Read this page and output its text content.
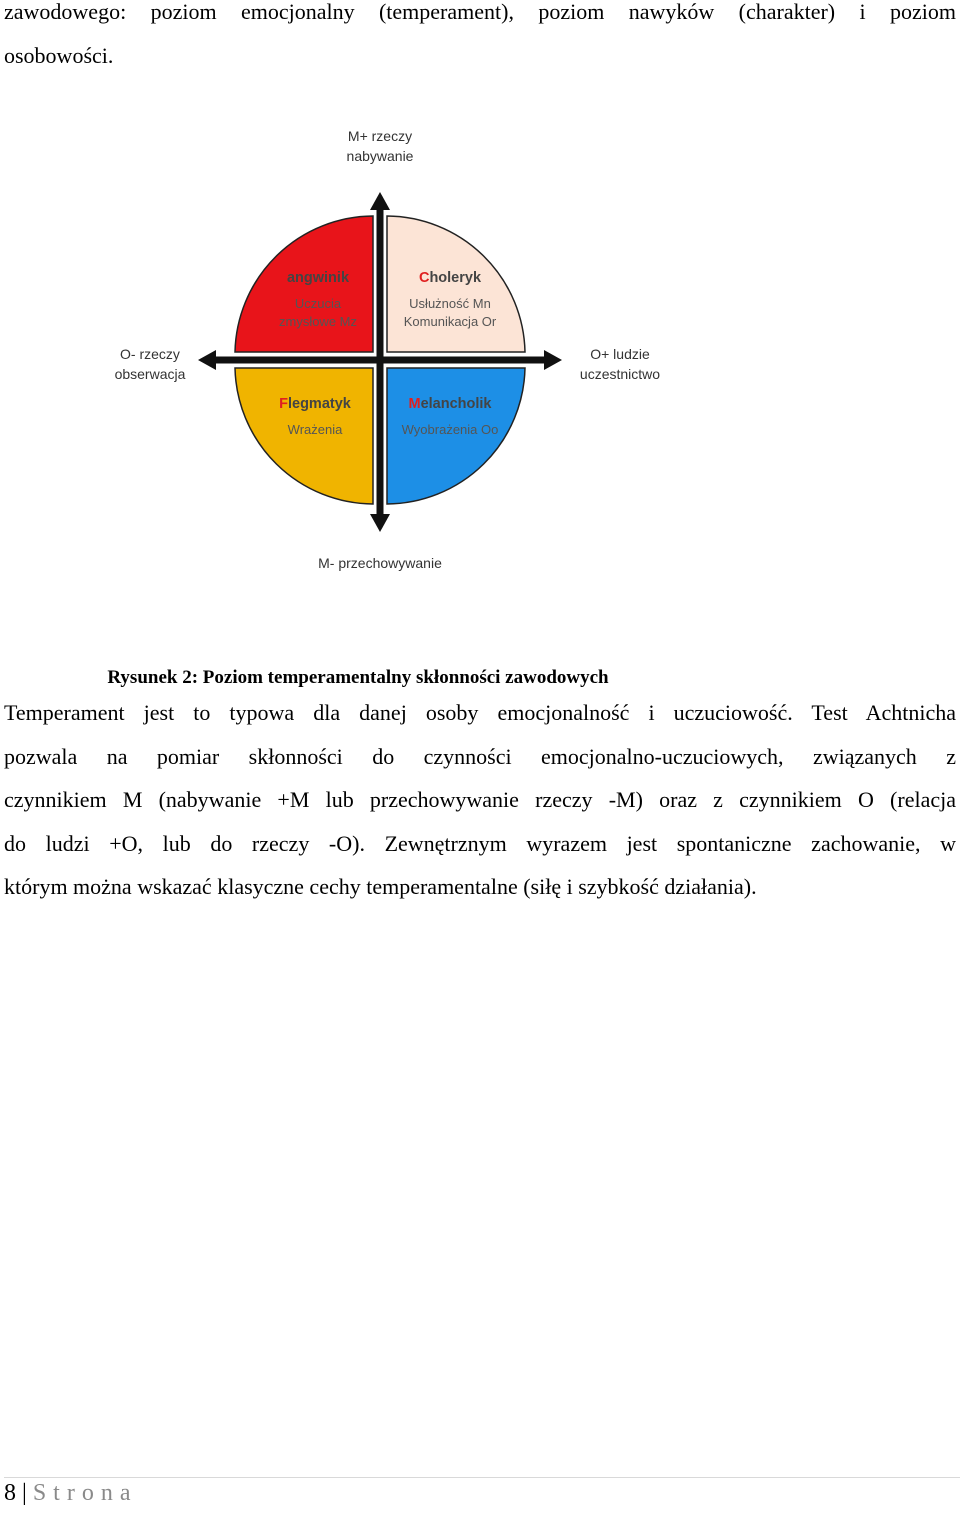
zawodowego: poziom emocjonalny (temperament), poziom nawyków (charakter) i poziom
osobowości.
M+ rzeczy
nabywanie
M- przechowywanie
O- rzeczy
obserwacja
O+ ludzie
uczestnictwo
angwinik
Uczucia
zmysłowe Mz
Choleryk
Usłużność Mn
Komunikacja Or
Flegmatyk
Wrażenia
Melancholik
Wyobrażenia Oo
Rysunek 2: Poziom temperamentalny skłonności zawodowych
Temperament jest to typowa dla danej osoby emocjonalność i uczuciowość. Test Achtnicha
pozwala na pomiar skłonności do czynności emocjonalno-uczuciowych, związanych z
czynnikiem M (nabywanie +M lub przechowywanie rzeczy -M) oraz z czynnikiem O (relacja
do ludzi +O, lub do rzeczy -O). Zewnętrznym wyrazem jest spontaniczne zachowanie, w
którym można wskazać klasyczne cechy temperamentalne (siłę i szybkość działania).
8 | Strona
